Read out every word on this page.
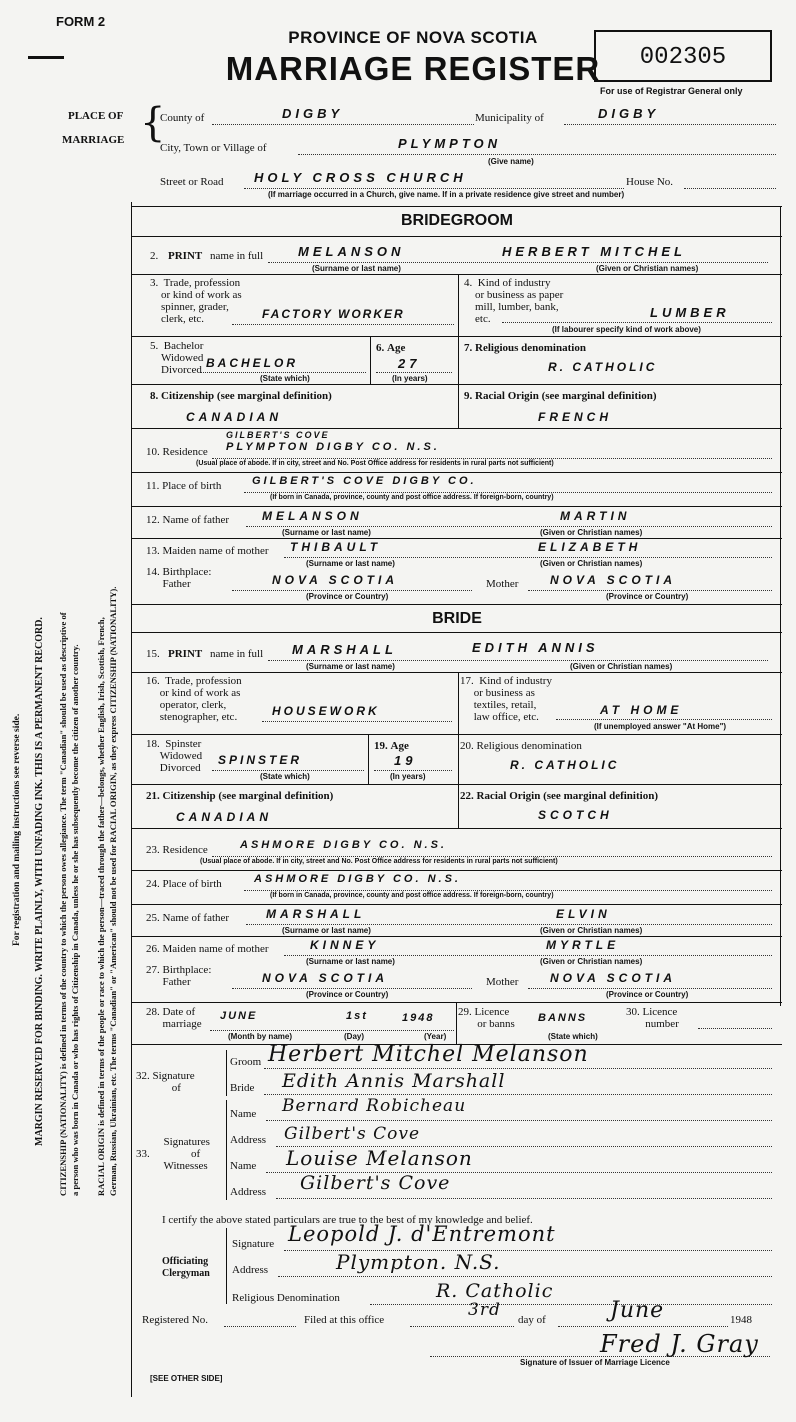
FORM 2
PROVINCE OF NOVA SCOTIA
MARRIAGE REGISTER	002305
For use of Registrar General only
PLACE OF
MARRIAGE {
County of	DIGBY	Municipality of	DIGBY
City, Town or Village of	PLYMPTON
(Give name)
Street or Road HOLY CROSS CHURCH	House No.
(If marriage occurred in a Church, give name. If in a private residence give street and number)
BRIDEGROOM
2. PRINT name in full	MELANSON	HERBERT MITCHEL
(Surname or last name)	(Given or Christian names)
3. Trade, profession
or kind of work as
spinner, grader,
clerk, etc.	FACTORY WORKER
4. Kind of industry
or business as paper
mill, lumber, bank,
etc.	LUMBER
(If labourer specify kind of work above)
5. Bachelor
Widowed
Divorced BACHELOR
(State which)
6. Age
27
(In years)
7. Religious denomination
R. CATHOLIC
8. Citizenship (see marginal definition)
CANADIAN
9. Racial Origin (see marginal definition)
FRENCH
GILBERT'S COVE
10. Residence PLYMPTON DIGBY CO. N.S.
(Usual place of abode. If in city, street and No. Post Office address for residents in rural parts not sufficient)
11. Place of birth	GILBERT'S COVE DIGBY CO.
(If born in Canada, province, county and post office address. If foreign-born, country)
12. Name of father	MELANSON	MARTIN
(Surname or last name)	(Given or Christian names)
13. Maiden name of mother THIBAULT	ELIZABETH
(Surname or last name)	(Given or Christian names)
14. Birthplace:
Father	NOVA SCOTIA
(Province or Country)
Mother	NOVA SCOTIA
(Province or Country)
BRIDE
15. PRINT name in full MARSHALL	EDITH ANNIS
(Surname or last name)	(Given or Christian names)
16. Trade, profession
or kind of work as
operator, clerk,
stenographer, etc.	HOUSEWORK
17. Kind of industry
or business as
textiles, retail,
law office, etc.	AT HOME
(If unemployed answer "At Home")
18. Spinster
Widowed
Divorced
SPINSTER
(State which)
19. Age
19
(In years)
20. Religious denomination
R. CATHOLIC
21. Citizenship (see marginal definition)
CANADIAN
22. Racial Origin (see marginal definition)
SCOTCH
23. Residence	ASHMORE DIGBY CO. N.S.
(Usual place of abode. If in city, street and No. Post Office address for residents in rural parts not sufficient)
24. Place of birth	ASHMORE DIGBY CO. N.S.
(If born in Canada, province, county and post office address. If foreign-born, country)
25. Name of father	MARSHALL	ELVIN
(Surname or last name)	(Given or Christian names)
26. Maiden name of mother	KINNEY	MYRTLE
(Surname or last name)	(Given or Christian names)
27. Birthplace:
Father	NOVA SCOTIA
(Province or Country)
Mother	NOVA SCOTIA
(Province or Country)
28. Date of
marriage
JUNE	1st	1948
(Month by name)	(Day)	(Year)
29. Licence
or banns BANNS
(State which)
30. Licence
number
32. Signature
of
Groom Herbert Mitchel Melanson
Bride Edith Annis Marshall
Signatures
33.	of
Witnesses
Name Bernard Robicheau
Address Gilbert's Cove
Name Louise Melanson
Address Gilbert's Cove
I certify the above stated particulars are true to the best of my knowledge and belief.
Officiating
Clergyman
Signature Leopold J. d'Entremont
Address	Plympton. N.S.
Religious Denomination	R. Catholic
Registered No.	Filed at this office	3rd day of	June	1948
Fred J. Gray
Signature of Issuer of Marriage Licence
[SEE OTHER SIDE]
MARGIN RESERVED FOR BINDING. WRITE PLAINLY, WITH UNFADING INK. THIS IS A PERMANENT RECORD.
For registration and mailing instructions see reverse side.	CITIZENSHIP (NATIONALITY) is defined in terms of the country to which the person owes allegiance. The term "Canadian" should be used as descriptive of a person who was born in Canada or who has rights of Citizenship in Canada, unless he or she has subsequently become the citizen of another country. RACIAL ORIGIN is defined in terms of the people or race to which the person—traced through the father—belongs, whether English, Irish, Scottish, French, German, Russian, Ukrainian, etc. The terms "Canadian" or "American" should not be used for RACIAL ORIGIN, as they express CITIZENSHIP (NATIONALITY).
